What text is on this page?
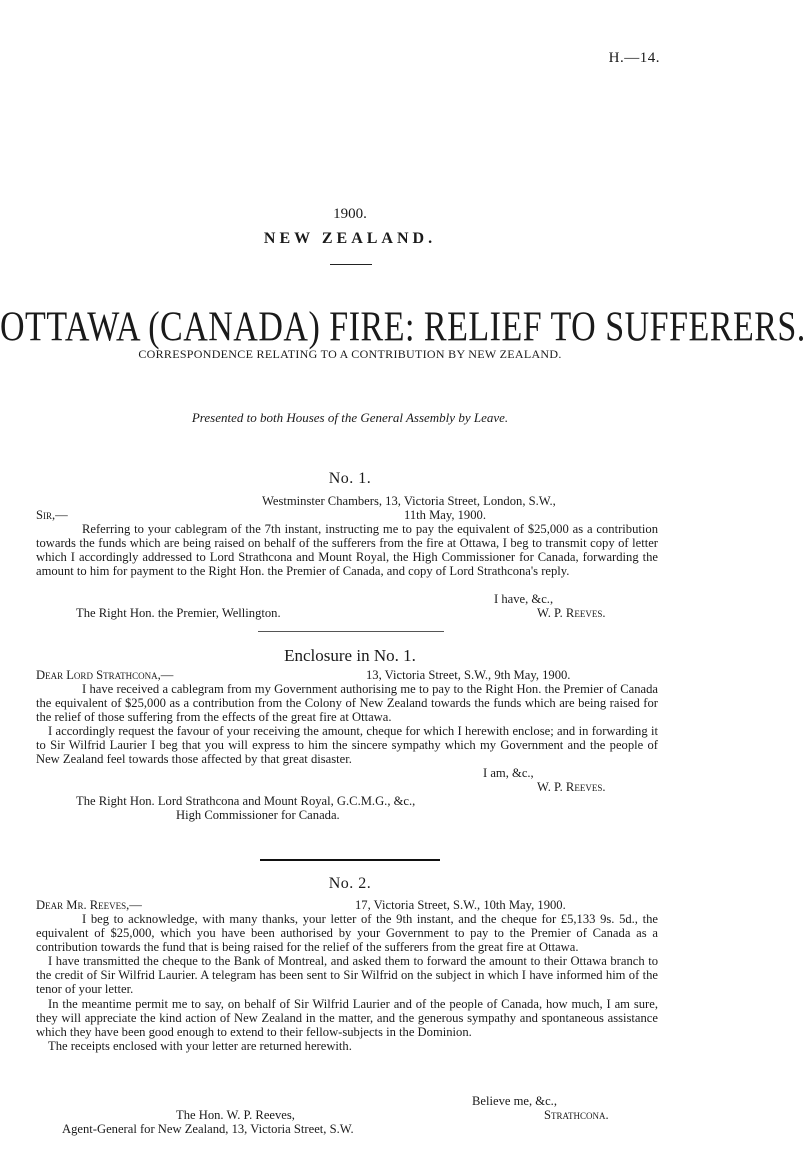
H.—14.
1900.
NEW ZEALAND.
OTTAWA (CANADA) FIRE: RELIEF TO SUFFERERS.
CORRESPONDENCE RELATING TO A CONTRIBUTION BY NEW ZEALAND.
Presented to both Houses of the General Assembly by Leave.
No. 1.
Westminster Chambers, 13, Victoria Street, London, S.W.,
Sir,—	11th May, 1900.

Referring to your cablegram of the 7th instant, instructing me to pay the equivalent of $25,000 as a contribution towards the funds which are being raised on behalf of the sufferers from the fire at Ottawa, I beg to transmit copy of letter which I accordingly addressed to Lord Strathcona and Mount Royal, the High Commissioner for Canada, forwarding the amount to him for payment to the Right Hon. the Premier of Canada, and copy of Lord Strathcona's reply.

I have, &c.,
The Right Hon. the Premier, Wellington.	W. P. Reeves.
Enclosure in No. 1.
Dear Lord Strathcona,—	13, Victoria Street, S.W., 9th May, 1900.

I have received a cablegram from my Government authorising me to pay to the Right Hon. the Premier of Canada the equivalent of $25,000 as a contribution from the Colony of New Zealand towards the funds which are being raised for the relief of those suffering from the effects of the great fire at Ottawa.

I accordingly request the favour of your receiving the amount, cheque for which I herewith enclose; and in forwarding it to Sir Wilfrid Laurier I beg that you will express to him the sincere sympathy which my Government and the people of New Zealand feel towards those affected by that great disaster.

I am, &c.,
W. P. Reeves.
The Right Hon. Lord Strathcona and Mount Royal, G.C.M.G., &c.,
High Commissioner for Canada.
No. 2.
Dear Mr. Reeves,—	17, Victoria Street, S.W., 10th May, 1900.

I beg to acknowledge, with many thanks, your letter of the 9th instant, and the cheque for £5,133 9s. 5d., the equivalent of $25,000, which you have been authorised by your Government to pay to the Premier of Canada as a contribution towards the fund that is being raised for the relief of the sufferers from the great fire at Ottawa.

I have transmitted the cheque to the Bank of Montreal, and asked them to forward the amount to their Ottawa branch to the credit of Sir Wilfrid Laurier. A telegram has been sent to Sir Wilfrid on the subject in which I have informed him of the tenor of your letter.

In the meantime permit me to say, on behalf of Sir Wilfrid Laurier and of the people of Canada, how much, I am sure, they will appreciate the kind action of New Zealand in the matter, and the generous sympathy and spontaneous assistance which they have been good enough to extend to their fellow-subjects in the Dominion.

The receipts enclosed with your letter are returned herewith.

Believe me, &c.,
Strathcona.
The Hon. W. P. Reeves,
Agent-General for New Zealand, 13, Victoria Street, S.W.
